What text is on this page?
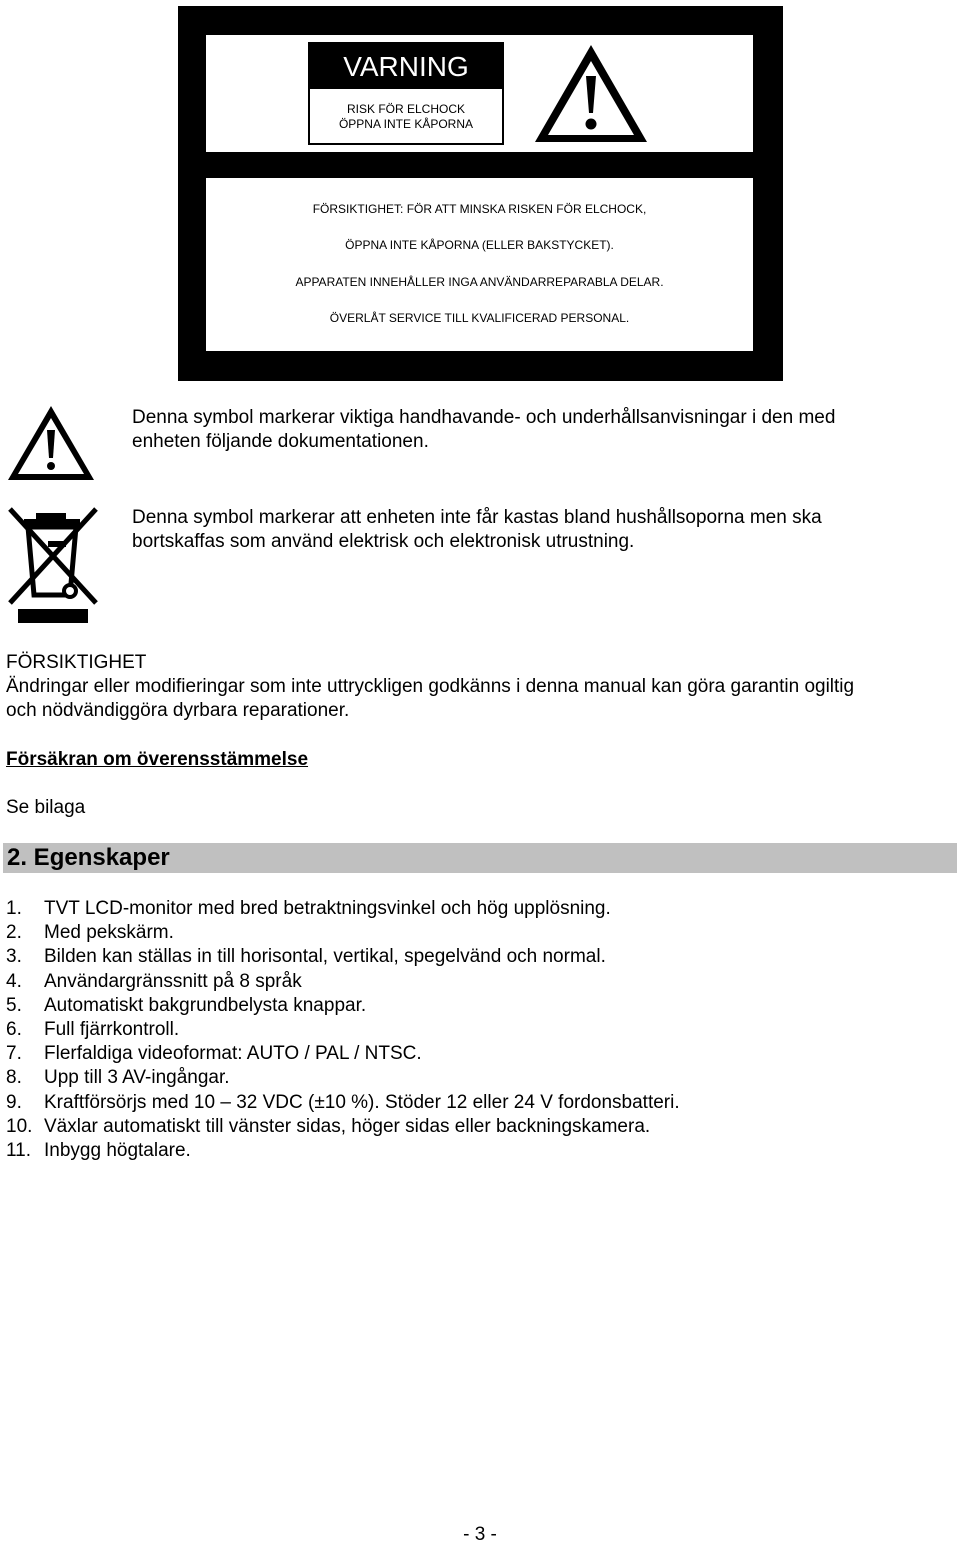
VARNING
RISK FÖR ELCHOCK
ÖPPNA INTE KÅPORNA
FÖRSIKTIGHET: FÖR ATT MINSKA RISKEN FÖR ELCHOCK,
ÖPPNA INTE KÅPORNA (ELLER BAKSTYCKET).
APPARATEN INNEHÅLLER INGA ANVÄNDARREPARABLA DELAR.
ÖVERLÅT SERVICE TILL KVALIFICERAD PERSONAL.
Denna symbol markerar viktiga handhavande- och underhållsanvisningar i den med
enheten följande dokumentationen.
Denna symbol markerar att enheten inte får kastas bland hushållsoporna men ska
bortskaffas som använd elektrisk och elektronisk utrustning.
FÖRSIKTIGHET
Ändringar eller modifieringar som inte uttryckligen godkänns i denna manual kan göra garantin ogiltig
och nödvändiggöra dyrbara reparationer.
Försäkran om överensstämmelse
Se bilaga
2. Egenskaper
1. TVT LCD-monitor med bred betraktningsvinkel och hög upplösning.
2. Med pekskärm.
3. Bilden kan ställas in till horisontal, vertikal, spegelvänd och normal.
4. Användargränssnitt på 8 språk
5. Automatiskt bakgrundbelysta knappar.
6. Full fjärrkontroll.
7. Flerfaldiga videoformat: AUTO / PAL / NTSC.
8. Upp till 3 AV-ingångar.
9. Kraftförsörjs med 10 – 32 VDC (±10 %). Stöder 12 eller 24 V fordonsbatteri.
10. Växlar automatiskt till vänster sidas, höger sidas eller backningskamera.
11. Inbygg högtalare.
- 3 -
